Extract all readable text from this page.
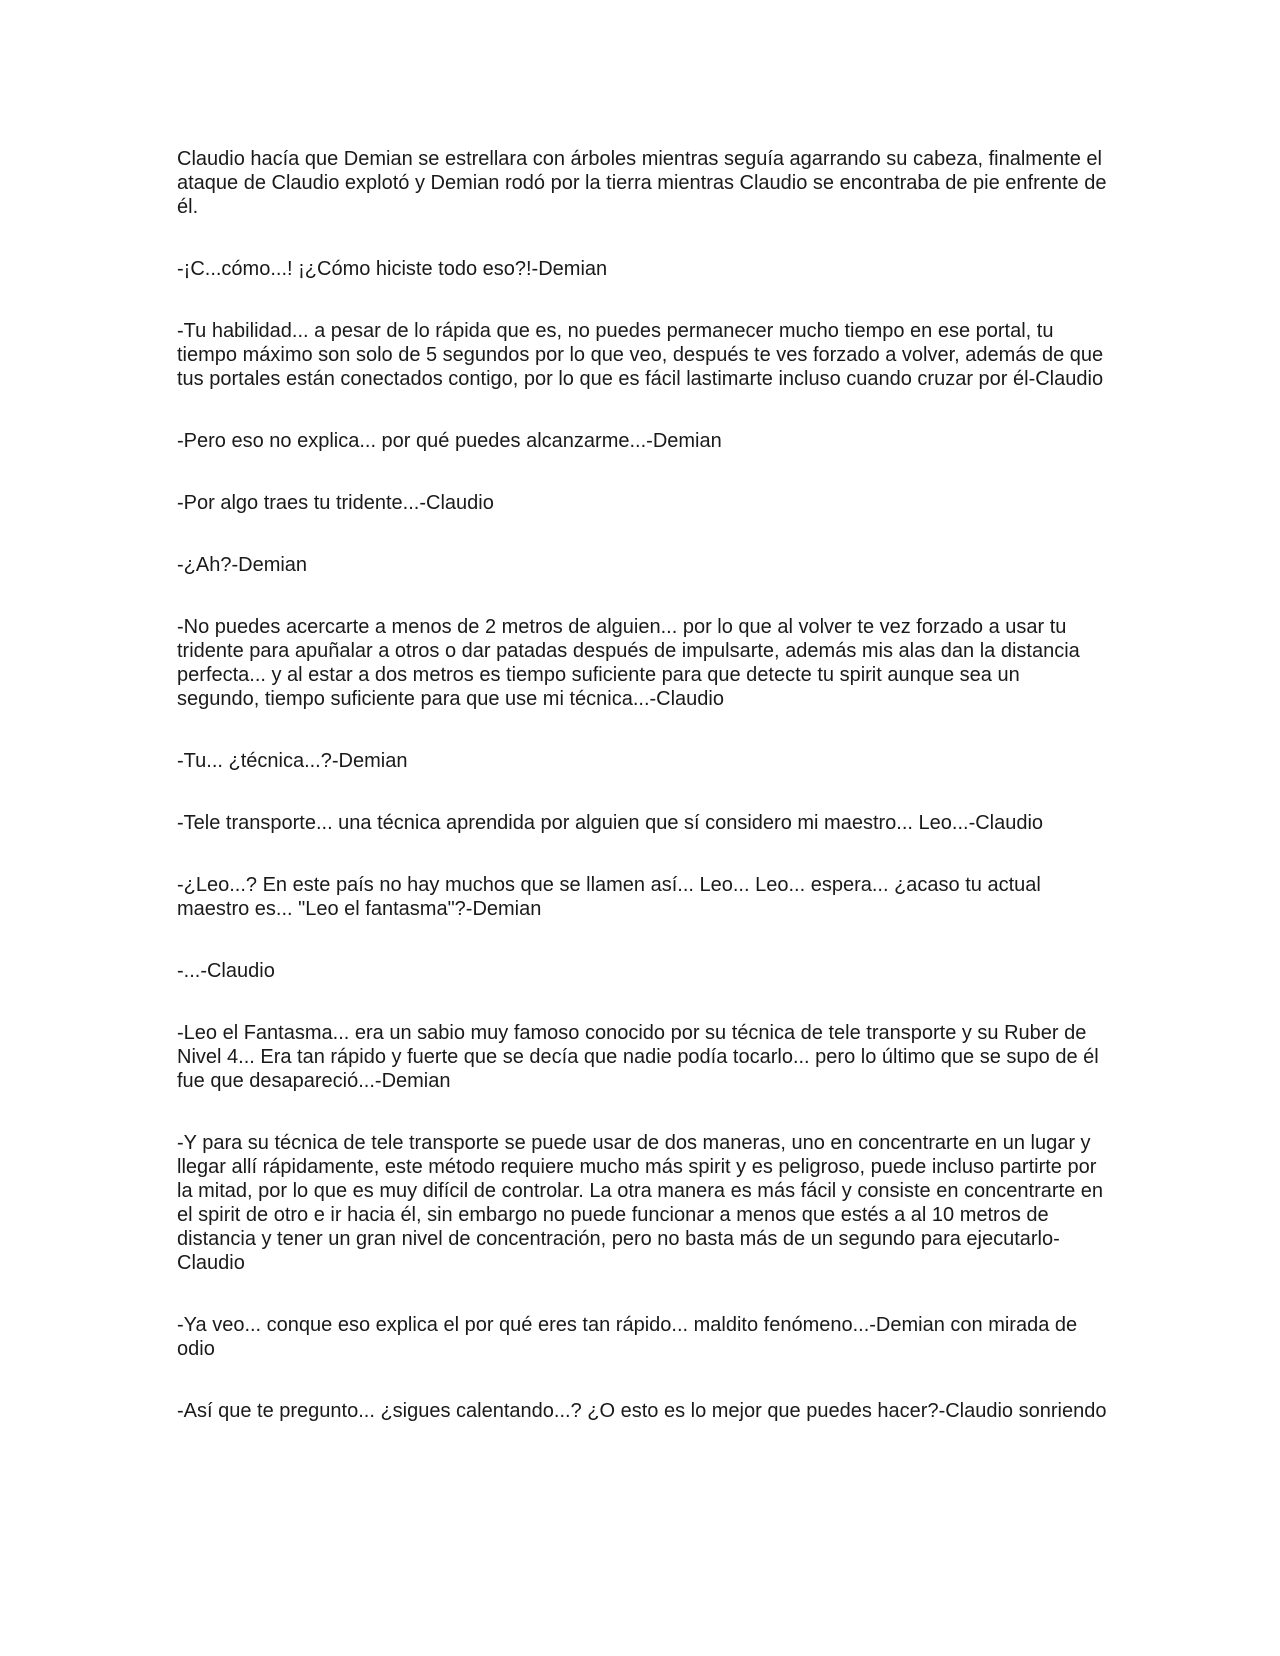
Claudio hacía que Demian se estrellara con árboles mientras seguía agarrando su cabeza, finalmente el ataque de Claudio explotó y Demian rodó por la tierra mientras Claudio se encontraba de pie enfrente de él.

-¡C...cómo...! ¡¿Cómo hiciste todo eso?!-Demian

-Tu habilidad... a pesar de lo rápida que es, no puedes permanecer mucho tiempo en ese portal, tu tiempo máximo son solo de 5 segundos por lo que veo, después te ves forzado a volver, además de que tus portales están conectados contigo, por lo que es fácil lastimarte incluso cuando cruzar por él-Claudio

-Pero eso no explica... por qué puedes alcanzarme...-Demian

-Por algo traes tu tridente...-Claudio

-¿Ah?-Demian

-No puedes acercarte a menos de 2 metros de alguien... por lo que al volver te vez forzado a usar tu tridente para apuñalar a otros o dar patadas después de impulsarte, además mis alas dan la distancia perfecta... y al estar a dos metros es tiempo suficiente para que detecte tu spirit aunque sea un segundo, tiempo suficiente para que use mi técnica...-Claudio

-Tu... ¿técnica...?-Demian

-Tele transporte... una técnica aprendida por alguien que sí considero mi maestro... Leo...-Claudio

-¿Leo...? En este país no hay muchos que se llamen así... Leo... Leo... espera... ¿acaso tu actual maestro es... "Leo el fantasma"?-Demian

-...-Claudio

-Leo el Fantasma... era un sabio muy famoso conocido por su técnica de tele transporte y su Ruber de Nivel 4... Era tan rápido y fuerte que se decía que nadie podía tocarlo... pero lo último que se supo de él fue que desapareció...-Demian

-Y para su técnica de tele transporte se puede usar de dos maneras, uno en concentrarte en un lugar y llegar allí rápidamente, este método requiere mucho más spirit y es peligroso, puede incluso partirte por la mitad, por lo que es muy difícil de controlar. La otra manera es más fácil y consiste en concentrarte en el spirit de otro e ir hacia él, sin embargo no puede funcionar a menos que estés a al 10 metros de distancia y tener un gran nivel de concentración, pero no basta más de un segundo para ejecutarlo-Claudio

-Ya veo... conque eso explica el por qué eres tan rápido... maldito fenómeno...-Demian con mirada de odio

-Así que te pregunto... ¿sigues calentando...? ¿O esto es lo mejor que puedes hacer?-Claudio sonriendo
